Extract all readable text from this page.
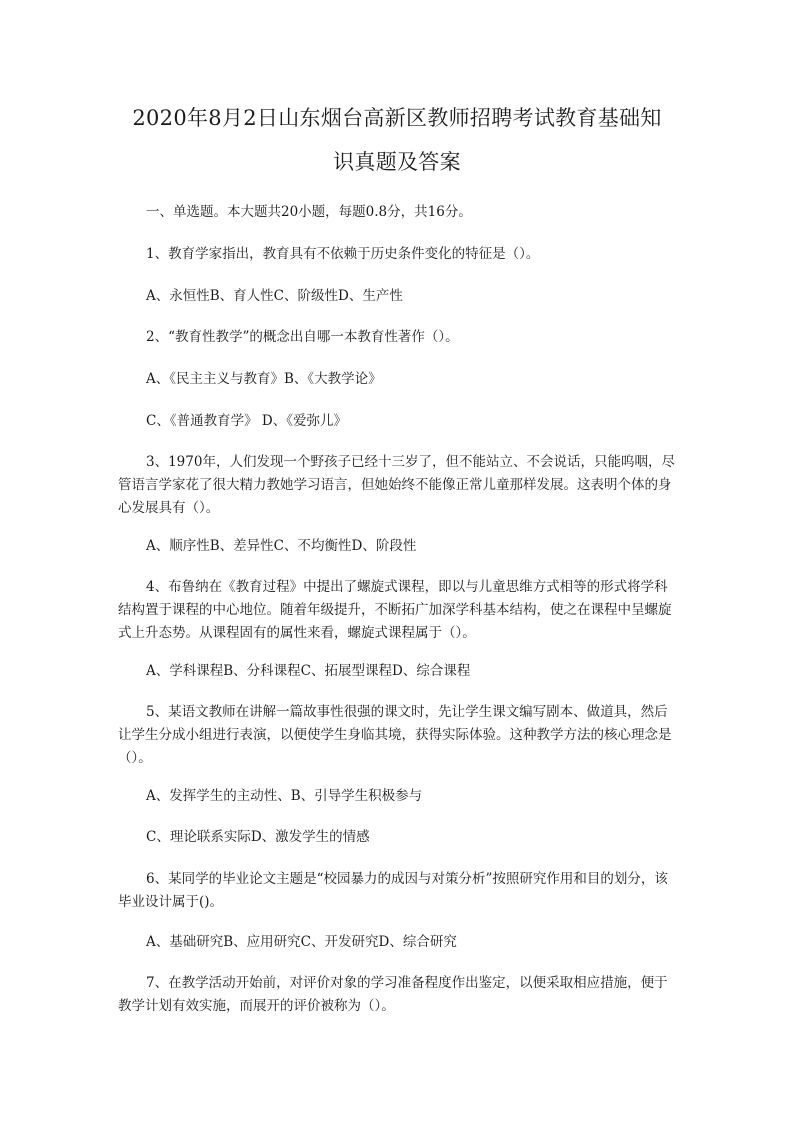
2020年8月2日山东烟台高新区教师招聘考试教育基础知
识真题及答案
一、单选题。本大题共20小题，每题0.8分，共16分。
1、教育学家指出，教育具有不依赖于历史条件变化的特征是（）。
A、永恒性B、育人性C、阶级性D、生产性
2、“教育性教学”的概念出自哪一本教育性著作（）。
A、《民主主义与教育》B、《大教学论》
C、《普通教育学》 D、《爱弥儿》
3、1970年，人们发现一个野孩子已经十三岁了，但不能站立、不会说话，只能呜咽，尽管语言学家花了很大精力教她学习语言，但她始终不能像正常儿童那样发展。这表明个体的身心发展具有（）。
A、顺序性B、差异性C、不均衡性D、阶段性
4、布鲁纳在《教育过程》中提出了螺旋式课程，即以与儿童思维方式相等的形式将学科结构置于课程的中心地位。随着年级提升，不断拓广加深学科基本结构，使之在课程中呈螺旋式上升态势。从课程固有的属性来看，螺旋式课程属于（）。
A、学科课程B、分科课程C、拓展型课程D、综合课程
5、某语文教师在讲解一篇故事性很强的课文时，先让学生课文编写剧本、做道具，然后让学生分成小组进行表演，以便使学生身临其境，获得实际体验。这种教学方法的核心理念是（）。
A、发挥学生的主动性、B、引导学生积极参与
C、理论联系实际D、激发学生的情感
6、某同学的毕业论文主题是“校园暴力的成因与对策分析”按照研究作用和目的划分，该毕业设计属于()。
A、基础研究B、应用研究C、开发研究D、综合研究
7、在教学活动开始前，对评价对象的学习准备程度作出鉴定，以便采取相应措施，便于教学计划有效实施，而展开的评价被称为（）。
